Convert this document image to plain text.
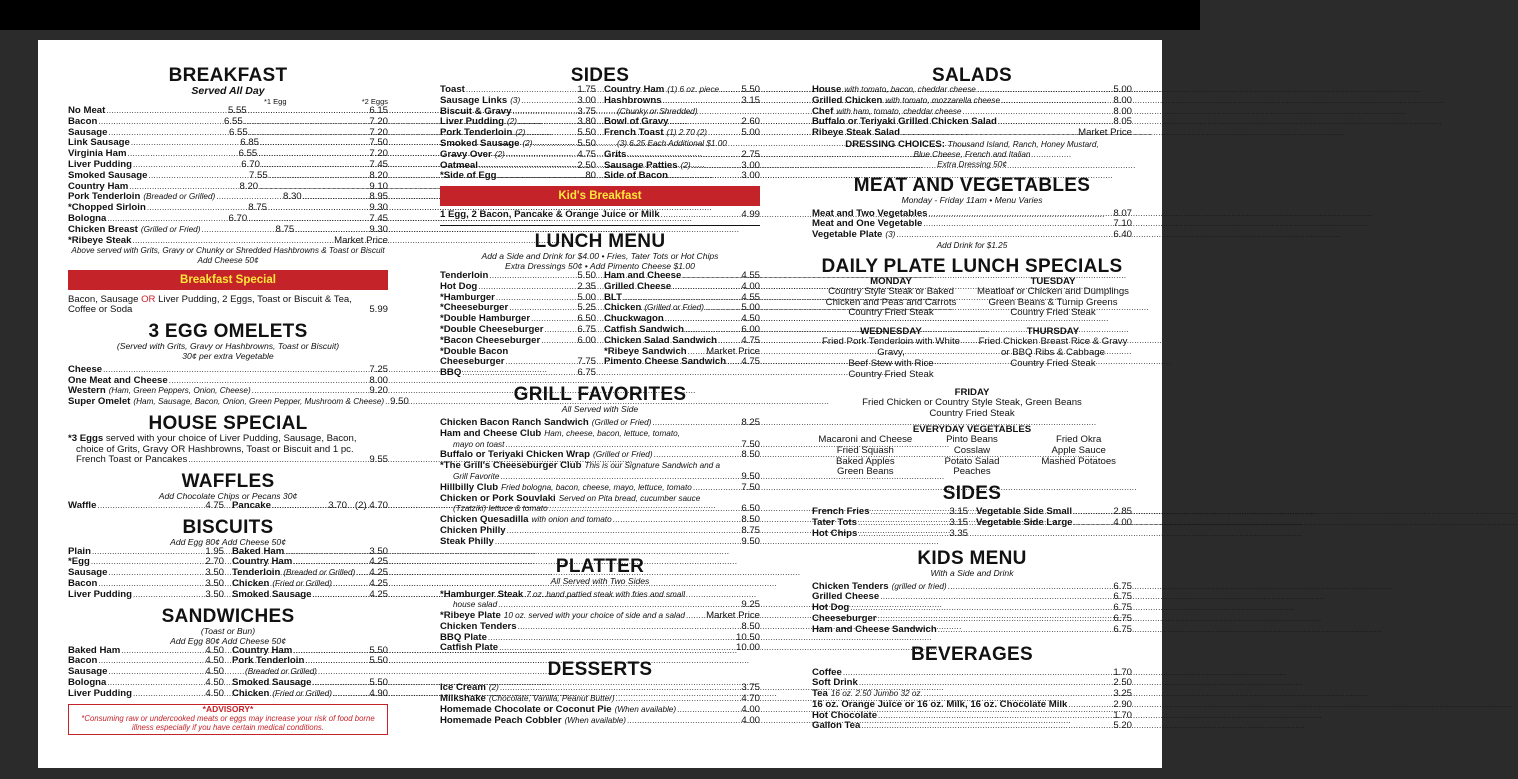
BREAKFAST
Served All Day
*1 Egg	*2 Eggs
No Meat .....	5.55 .....	6.15
Bacon .....	6.55 .....	7.20
Sausage .....	6.55 .....	7.20
Link Sausage .....	6.85 .....	7.50
Virginia Ham .....	6.55 .....	7.20
Liver Pudding .....	6.70 .....	7.45
Smoked Sausage .....	7.55 .....	8.20
Country Ham .....	8.20 .....	9.10
Pork Tenderloin (Breaded or Grilled) .....	8.30 .....	8.95
*Chopped Sirloin .....	8.75 .....	9.30
Bologna .....	6.70 .....	7.45
Chicken Breast (Grilled or Fried) .....	8.75 .....	9.30
*Ribeye Steak .....	Market Price
Above served with Grits, Gravy or Chunky or Shredded Hashbrowns & Toast or Biscuit
Add Cheese 50¢
Breakfast Special
Bacon, Sausage OR Liver Pudding, 2 Eggs, Toast or Biscuit & Tea,
Coffee or Soda	5.99
3 EGG OMELETS
(Served with Grits, Gravy or Hashbrowns, Toast or Biscuit)
30¢ per extra Vegetable
Cheese .....	7.25
One Meat and Cheese .....	8.00
Western (Ham, Green Peppers, Onion, Cheese) .....	9.20
Super Omelet (Ham, Sausage, Bacon, Onion, Green Pepper, Mushroom & Cheese) ..... 9.50
HOUSE SPECIAL
*3 Eggs served with your choice of Liver Pudding, Sausage, Bacon,
choice of Grits, Gravy OR Hashbrowns, Toast or Biscuit and 1 pc.
French Toast or Pancakes .....	9.55
WAFFLES
Add Chocolate Chips or Pecans 30¢
Waffle .....	4.75 Pancake .....	3.70 (2) 4.70
BISCUITS
Add Egg 80¢ Add Cheese 50¢
Plain .....	1.95
*Egg .....	2.70
Sausage .....	3.50
Bacon .....	3.50
Liver Pudding .....	3.50
Baked Ham .....	3.50
Country Ham .....	4.25
Tenderloin (Breaded or Grilled) ..... 4.25
Chicken (Fried or Grilled) .....	4.25
Smoked Sausage .....	4.25
SANDWICHES
(Toast or Bun)
Add Egg 80¢ Add Cheese 50¢
Baked Ham .....	4.50
Bacon .....	4.50
Sausage .....	4.50
Bologna .....	4.50
Liver Pudding .....	4.50
Country Ham .....	5.50
Pork Tenderloin .....	5.50
(Breaded or Grilled)
Smoked Sausage .....	5.50
Chicken (Fried or Grilled) .....	4.90
*ADVISORY*
*Consuming raw or undercooked meats or eggs may increase your risk of food borne illness especially if you have certain medical conditions.
SIDES
Toast .....	1.75
Sausage Links (3) .....	3.00
Biscuit & Gravy .....	3.75
Liver Pudding (2) .....	3.80
Pork Tenderloin (2) .....	5.50
Smoked Sausage (2) .....	5.50
Gravy Over (2) .....	4.75
Oatmeal .....	2.50
*Side of Egg .....	.80
Country Ham (1) 6 oz. piece ..... 5.50
Hashbrowns .....	3.15
(Chunky or Shredded)
Bowl of Gravy .....	2.60
French Toast (1) 2.70 (2) .....	5.00
(3) 6.25 Each Additional $1.00
Grits .....	2.75
Sausage Patties (2) .....	3.00
Side of Bacon .....	3.00
Kid's Breakfast
1 Egg, 2 Bacon, Pancake & Orange Juice or Milk .....	4.99
LUNCH MENU
Add a Side and Drink for $4.00 • Fries, Tater Tots or Hot Chips
Extra Dressings 50¢ • Add Pimento Cheese $1.00
Tenderloin .....	5.50
Hot Dog .....	2.35
*Hamburger .....	5.00
*Cheeseburger .....	5.25
*Double Hamburger .....	6.50
*Double Cheeseburger .....	6.75
*Bacon Cheeseburger .....	6.00
*Double Bacon
Cheeseburger .....	7.75
BBQ .....	6.75
Ham and Cheese .....	4.55
Grilled Cheese .....	4.00
BLT .....	4.55
Chicken (Grilled or Fried) .....	5.00
Chuckwagon .....	4.50
Catfish Sandwich .....	6.00
Chicken Salad Sandwich .....	4.75
*Ribeye Sandwich ..... Market Price
Pimento Cheese Sandwich ..... 4.75
GRILL FAVORITES
All Served with Side
Chicken Bacon Ranch Sandwich (Grilled or Fried) .....	8.25
Ham and Cheese Club Ham, cheese, bacon, lettuce, tomato,
mayo on toast .....	7.50
Buffalo or Teriyaki Chicken Wrap (Grilled or Fried) .....	8.50
*The Grill's Cheeseburger Club This is our Signature Sandwich and a
Grill Favorite .....	9.50
Hillbilly Club Fried bologna, bacon, cheese, mayo, lettuce, tomato .....	7.50
Chicken or Pork Souvlaki Served on Pita bread, cucumber sauce
(Tzatziki) lettuce & tomato .....	6.50
Chicken Quesadilla with onion and tomato .....	8.50
Chicken Philly .....	8.75
Steak Philly .....	9.50
PLATTER
All Served with Two Sides
*Hamburger Steak 7 oz. hand pattied steak with fries and small
house salad .....	9.25
*Ribeye Plate 10 oz. served with your choice of side and a salad ..... Market Price
Chicken Tenders .....	8.50
BBQ Plate .....	10.50
Catfish Plate .....	10.00
DESSERTS
Ice Cream (2) .....	3.75
Milkshake (Chocolate, Vanilla, Peanut Butter) .....	4.70
Homemade Chocolate or Coconut Pie (When available) .....	4.00
Homemade Peach Cobbler (When available) .....	4.00
SALADS
House with tomato, bacon, cheddar cheese .....	5.00
Grilled Chicken with tomato, mozzarella cheese .....	8.00
Chef with ham, tomato, cheddar cheese .....	8.00
Buffalo or Teriyaki Grilled Chicken Salad .....	8.05
Ribeye Steak Salad .....	Market Price
DRESSING CHOICES: Thousand Island, Ranch, Honey Mustard,
Blue Cheese, French and Italian
Extra Dressing 50¢
MEAT AND VEGETABLES
Monday - Friday 11am • Menu Varies
Meat and Two Vegetables .....	8.07
Meat and One Vegetable .....	7.10
Vegetable Plate (3) .....	6.40
Add Drink for $1.25
DAILY PLATE LUNCH SPECIALS
MONDAY
Country Style Steak or Baked
Chicken and Peas and Carrots
Country Fried Steak
TUESDAY
Meatloaf or Chicken and Dumplings
Green Beans & Turnip Greens
Country Fried Steak
WEDNESDAY
Fried Pork Tenderloin with White Gravy,
Beef Stew with Rice
Country Fried Steak
THURSDAY
Fried Chicken Breast Rice & Gravy
or BBQ Ribs & Cabbage
Country Fried Steak
FRIDAY
Fried Chicken or Country Style Steak, Green Beans
Country Fried Steak
EVERYDAY VEGETABLES
Macaroni and Cheese	Pinto Beans	Fried Okra
Fried Squash	Cosslaw	Apple Sauce
Baked Apples	Potato Salad	Mashed Potatoes
Green Beans	Peaches
SIDES
French Fries .....	3.15
Tater Tots .....	3.15
Hot Chips .....	3.35
Vegetable Side Small .....	2.85
Vegetable Side Large .....	4.00
KIDS MENU
With a Side and Drink
Chicken Tenders (grilled or fried) .....	6.75
Grilled Cheese .....	6.75
Hot Dog .....	6.75
Cheeseburger .....	6.75
Ham and Cheese Sandwich .....	6.75
BEVERAGES
Coffee .....	1.70
Soft Drink .....	2.50
Tea 16 oz. 2.50 Jumbo 32 oz. .....	3.25
16 oz. Orange Juice or 16 oz. Milk, 16 oz. Chocolate Milk .....	2.90
Hot Chocolate .....	1.70
Gallon Tea .....	5.20
